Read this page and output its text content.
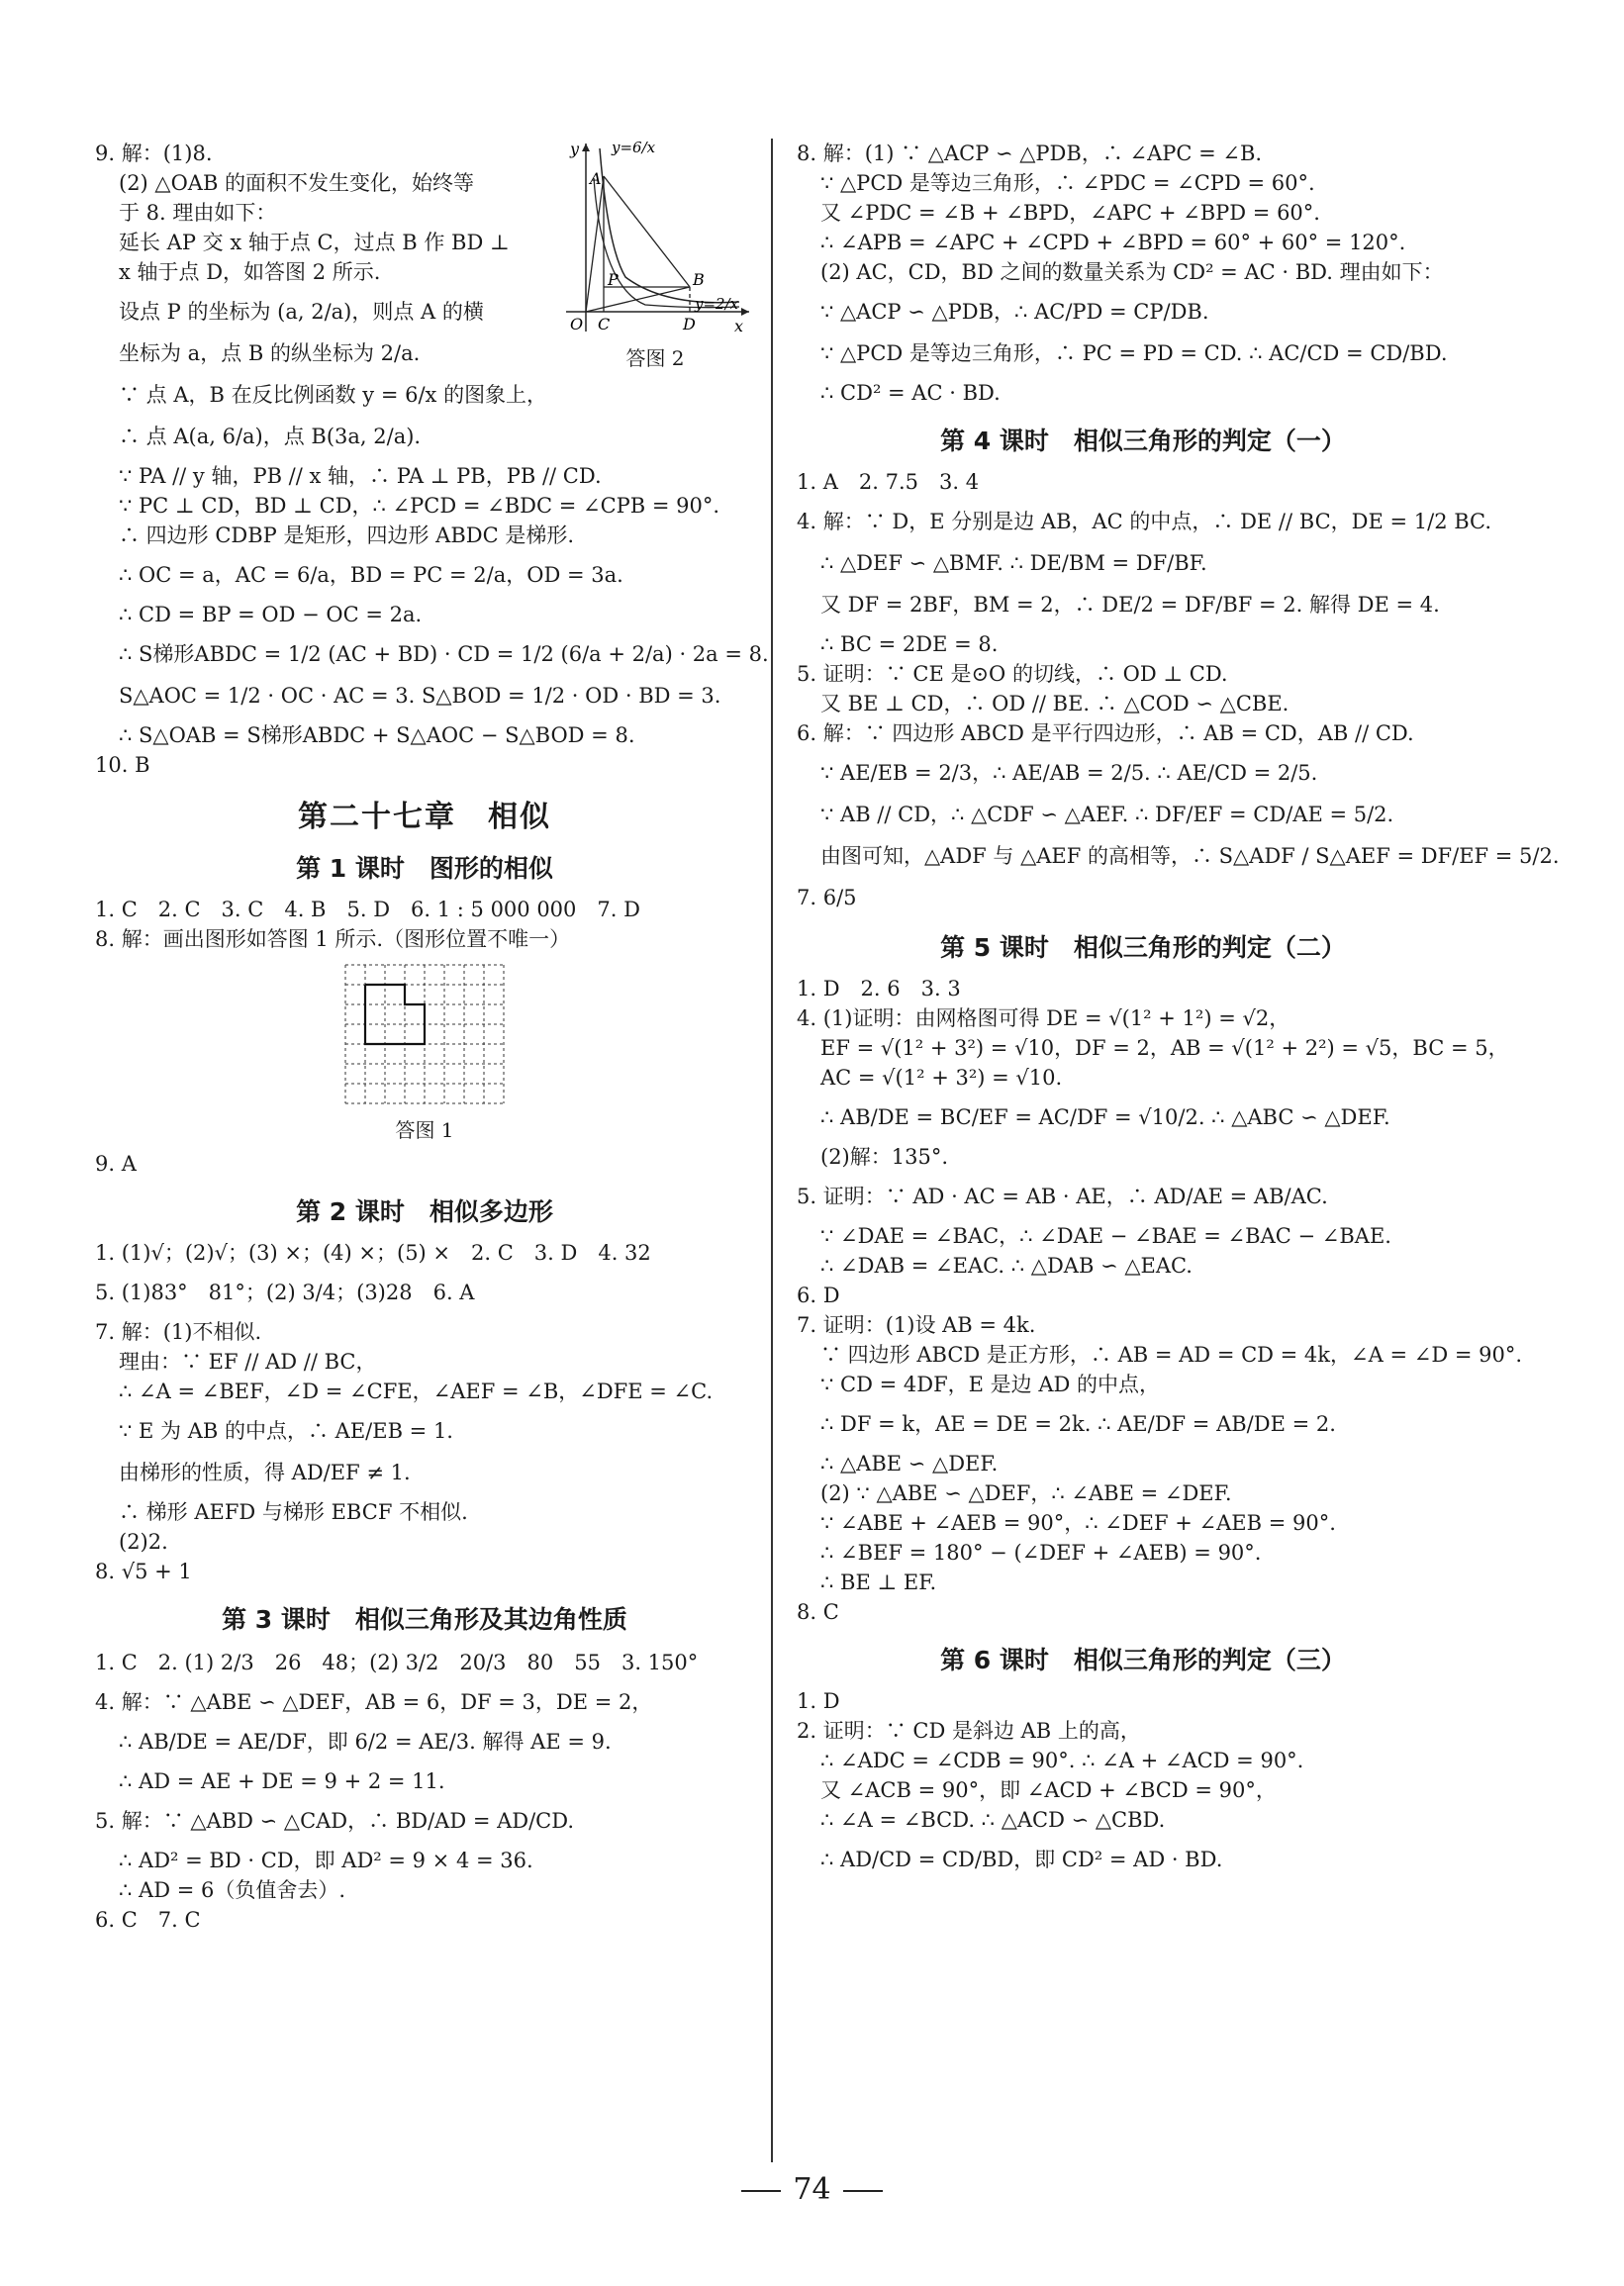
y
x
O C	D
A
B
P
y=6/x
y=2/x
答图 2

9. 解：(1)8.

(2) △OAB 的面积不发生变化，始终等

于 8. 理由如下：

延长 AP 交 x 轴于点 C，过点 B 作 BD ⊥

x 轴于点 D，如答图 2 所示.

设点 P 的坐标为 (a, 2/a)，则点 A 的横

坐标为 a，点 B 的纵坐标为 2/a.

∵ 点 A，B 在反比例函数 y = 6/x 的图象上，

∴ 点 A(a, 6/a)，点 B(3a, 2/a).

∵ PA // y 轴，PB // x 轴，∴ PA ⊥ PB，PB // CD.

∵ PC ⊥ CD，BD ⊥ CD，∴ ∠PCD = ∠BDC = ∠CPB = 90°.

∴ 四边形 CDBP 是矩形，四边形 ABDC 是梯形.

∴ OC = a，AC = 6/a，BD = PC = 2/a，OD = 3a.

∴ CD = BP = OD − OC = 2a.

∴ S梯形ABDC = 1/2 (AC + BD) · CD = 1/2 (6/a + 2/a) · 2a = 8.

S△AOC = 1/2 · OC · AC = 3. S△BOD = 1/2 · OD · BD = 3.

∴ S△OAB = S梯形ABDC + S△AOC − S△BOD = 8.

10. B

第二十七章　相似
第 1 课时　图形的相似

1. C　2. C　3. C　4. B　5. D　6. 1 : 5 000 000　7. D

8. 解：画出图形如答图 1 所示.（图形位置不唯一）

答图 1

9. A

第 2 课时　相似多边形

1. (1)√；(2)√；(3) ×；(4) ×；(5) ×　2. C　3. D　4. 32

5. (1)83°　81°；(2) 3/4；(3)28　6. A

7. 解：(1)不相似.

理由：∵ EF // AD // BC，

∴ ∠A = ∠BEF，∠D = ∠CFE，∠AEF = ∠B，∠DFE = ∠C.

∵ E 为 AB 的中点，∴ AE/EB = 1.

由梯形的性质，得 AD/EF ≠ 1.

∴ 梯形 AEFD 与梯形 EBCF 不相似.

(2)2.

8. √5 + 1

第 3 课时　相似三角形及其边角性质

1. C　2. (1) 2/3　26　48；(2) 3/2　20/3　80　55　3. 150°

4. 解：∵ △ABE ∽ △DEF，AB = 6，DF = 3，DE = 2，

∴ AB/DE = AE/DF，即 6/2 = AE/3. 解得 AE = 9.

∴ AD = AE + DE = 9 + 2 = 11.

5. 解：∵ △ABD ∽ △CAD，∴ BD/AD = AD/CD.

∴ AD² = BD · CD，即 AD² = 9 × 4 = 36.

∴ AD = 6（负值舍去）.

6. C　7. C

8. 解：(1) ∵ △ACP ∽ △PDB，∴ ∠APC = ∠B.

∵ △PCD 是等边三角形，∴ ∠PDC = ∠CPD = 60°.

又 ∠PDC = ∠B + ∠BPD，∠APC + ∠BPD = 60°.

∴ ∠APB = ∠APC + ∠CPD + ∠BPD = 60° + 60° = 120°.

(2) AC，CD，BD 之间的数量关系为 CD² = AC · BD. 理由如下：

∵ △ACP ∽ △PDB，∴ AC/PD = CP/DB.

∵ △PCD 是等边三角形，∴ PC = PD = CD. ∴ AC/CD = CD/BD.

∴ CD² = AC · BD.

第 4 课时　相似三角形的判定（一）

1. A　2. 7.5　3. 4

4. 解：∵ D，E 分别是边 AB，AC 的中点，∴ DE // BC，DE = 1/2 BC.

∴ △DEF ∽ △BMF. ∴ DE/BM = DF/BF.

又 DF = 2BF，BM = 2，∴ DE/2 = DF/BF = 2. 解得 DE = 4.

∴ BC = 2DE = 8.

5. 证明：∵ CE 是⊙O 的切线，∴ OD ⊥ CD.

又 BE ⊥ CD，∴ OD // BE. ∴ △COD ∽ △CBE.

6. 解：∵ 四边形 ABCD 是平行四边形，∴ AB = CD，AB // CD.

∵ AE/EB = 2/3，∴ AE/AB = 2/5. ∴ AE/CD = 2/5.

∵ AB // CD，∴ △CDF ∽ △AEF. ∴ DF/EF = CD/AE = 5/2.

由图可知，△ADF 与 △AEF 的高相等，∴ S△ADF / S△AEF = DF/EF = 5/2.

7. 6/5

第 5 课时　相似三角形的判定（二）

1. D　2. 6　3. 3

4. (1)证明：由网格图可得 DE = √(1² + 1²) = √2，

EF = √(1² + 3²) = √10，DF = 2，AB = √(1² + 2²) = √5，BC = 5，

AC = √(1² + 3²) = √10.

∴ AB/DE = BC/EF = AC/DF = √10/2. ∴ △ABC ∽ △DEF.

(2)解：135°.

5. 证明：∵ AD · AC = AB · AE，∴ AD/AE = AB/AC.

∵ ∠DAE = ∠BAC，∴ ∠DAE − ∠BAE = ∠BAC − ∠BAE.

∴ ∠DAB = ∠EAC. ∴ △DAB ∽ △EAC.

6. D

7. 证明：(1)设 AB = 4k.

∵ 四边形 ABCD 是正方形，∴ AB = AD = CD = 4k，∠A = ∠D = 90°.

∵ CD = 4DF，E 是边 AD 的中点，

∴ DF = k，AE = DE = 2k. ∴ AE/DF = AB/DE = 2.

∴ △ABE ∽ △DEF.

(2) ∵ △ABE ∽ △DEF，∴ ∠ABE = ∠DEF.

∵ ∠ABE + ∠AEB = 90°，∴ ∠DEF + ∠AEB = 90°.

∴ ∠BEF = 180° − (∠DEF + ∠AEB) = 90°.

∴ BE ⊥ EF.

8. C

第 6 课时　相似三角形的判定（三）

1. D

2. 证明：∵ CD 是斜边 AB 上的高，

∴ ∠ADC = ∠CDB = 90°. ∴ ∠A + ∠ACD = 90°.

又 ∠ACB = 90°，即 ∠ACD + ∠BCD = 90°，

∴ ∠A = ∠BCD. ∴ △ACD ∽ △CBD.

∴ AD/CD = CD/BD，即 CD² = AD · BD.

74
